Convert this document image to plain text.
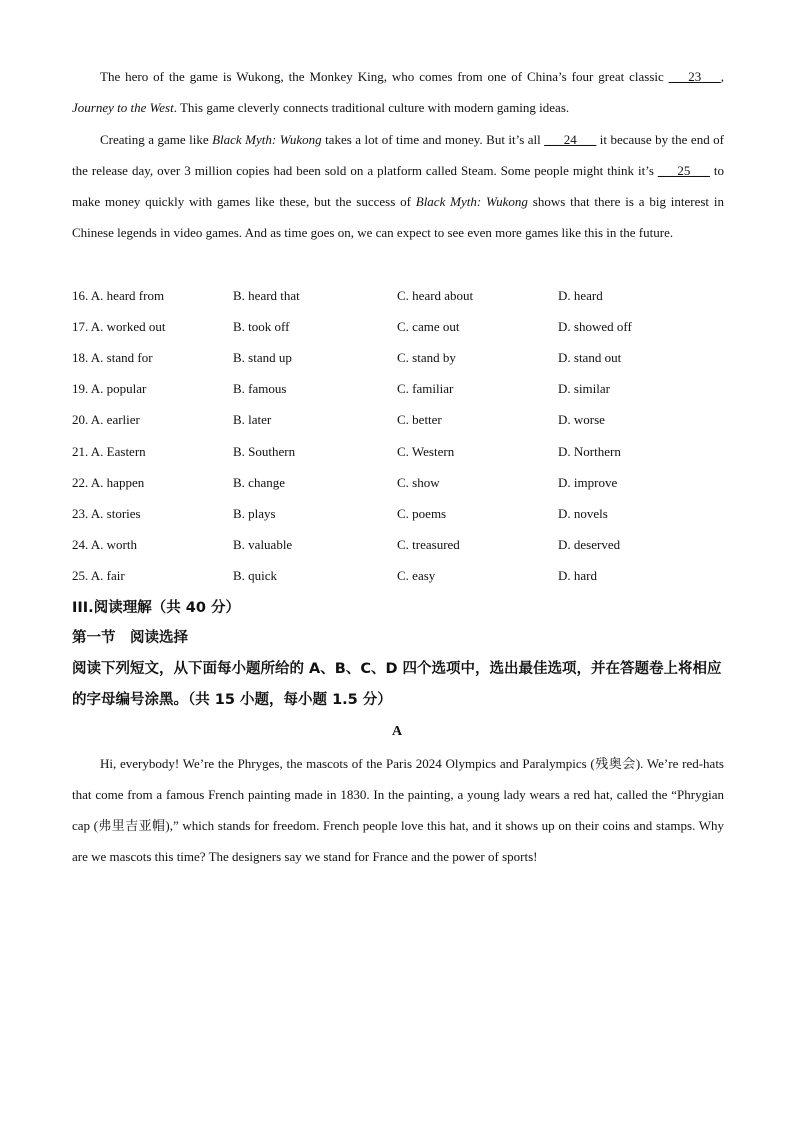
The hero of the game is Wukong, the Monkey King, who comes from one of China’s four great classic ___23___, Journey to the West. This game cleverly connects traditional culture with modern gaming ideas.
Creating a game like Black Myth: Wukong takes a lot of time and money. But it’s all ___24___ it because by the end of the release day, over 3 million copies had been sold on a platform called Steam. Some people might think it’s ___25___ to make money quickly with games like these, but the success of Black Myth: Wukong shows that there is a big interest in Chinese legends in video games. And as time goes on, we can expect to see even more games like this in the future.
16. A. heard from	B. heard that	C. heard about	D. heard
17. A. worked out	B. took off	C. came out	D. showed off
18. A. stand for	B. stand up	C. stand by	D. stand out
19. A. popular	B. famous	C. familiar	D. similar
20. A. earlier	B. later	C. better	D. worse
21. A. Eastern	B. Southern	C. Western	D. Northern
22. A. happen	B. change	C. show	D. improve
23. A. stories	B. plays	C. poems	D. novels
24. A. worth	B. valuable	C. treasured	D. deserved
25. A. fair	B. quick	C. easy	D. hard
III.阅读理解（共 40 分）
第一节　阅读选择
阅读下列短文，从下面每小题所给的 A、B、C、D 四个选项中，选出最佳选项，并在答题卷上将相应的字母编号涂黑。（共 15 小题，每小题 1.5 分）
A
Hi, everybody! We’re the Phryges, the mascots of the Paris 2024 Olympics and Paralympics (残奥会). We’re red-hats that come from a famous French painting made in 1830. In the painting, a young lady wears a red hat, called the “Phrygian cap (弗里吉亚帽),” which stands for freedom. French people love this hat, and it shows up on their coins and stamps. Why are we mascots this time? The designers say we stand for France and the power of sports!
